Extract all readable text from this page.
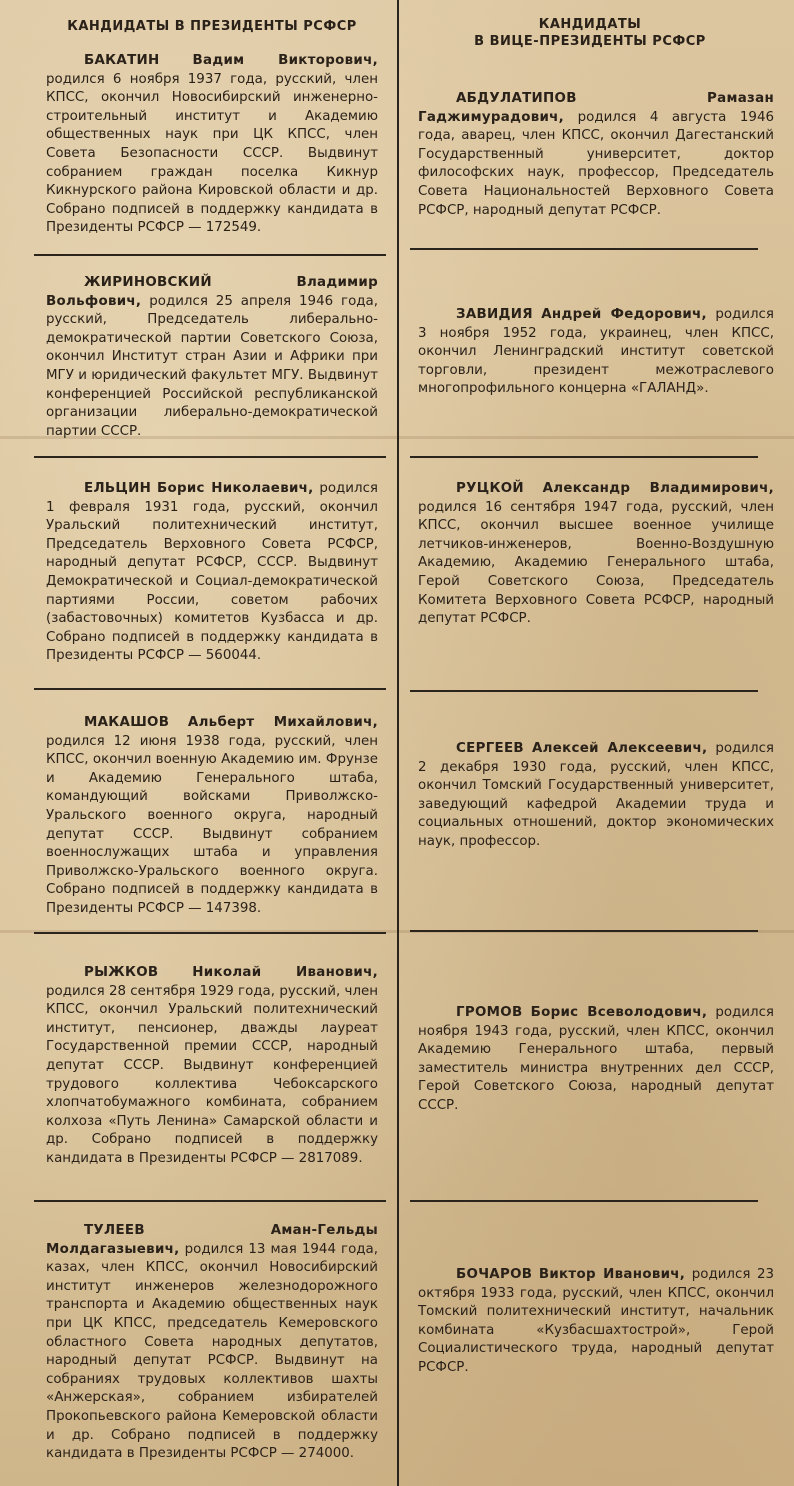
КАНДИДАТЫ В ПРЕЗИДЕНТЫ РСФСР

БАКАТИН Вадим Викторович, родился 6 ноября 1937 года, русский, член КПСС, окончил Новосибирский инженерно-строительный институт и Академию общественных наук при ЦК КПСС, член Совета Безопасности СССР. Выдвинут собранием граждан поселка Кикнур Кикнурского района Кировской области и др. Собрано подписей в поддержку кандидата в Президенты РСФСР — 172549.

ЖИРИНОВСКИЙ	Владимир Вольфович, родился 25 апреля 1946 года, русский, Председатель либерально-демократической партии Советского Союза, окончил Институт стран Азии и Африки при МГУ и юридический факультет МГУ. Выдвинут конференцией Российской республиканской организации либерально-демократической партии СССР.

ЕЛЬЦИН Борис Николаевич, родился 1 февраля 1931 года, русский, окончил Уральский политехнический институт, Председатель Верховного Совета РСФСР, народный депутат РСФСР, СССР. Выдвинут Демократической и Социал-демократической партиями России, советом рабочих (забастовочных) комитетов Кузбасса и др. Собрано подписей в поддержку кандидата в Президенты РСФСР — 560044.

МАКАШОВ Альберт Михайлович, родился 12 июня 1938 года, русский, член КПСС, окончил военную Академию им. Фрунзе и Академию Генерального штаба, командующий войсками Приволжско-Уральского военного округа, народный депутат СССР. Выдвинут собранием военнослужащих штаба и управления Приволжско-Уральского военного округа. Собрано подписей в поддержку кандидата в Президенты РСФСР — 147398.

РЫЖКОВ	Николай Иванович, родился 28 сентября 1929 года, русский, член КПСС, окончил Уральский политехнический институт, пенсионер, дважды лауреат Государственной премии СССР, народный депутат СССР. Выдвинут конференцией трудового коллектива Чебоксарского хлопчатобумажного комбината, собранием колхоза «Путь Ленина» Самарской области и др. Собрано подписей в поддержку кандидата в Президенты РСФСР — 2817089.

ТУЛЕЕВ	Аман-Гельды Молдагазыевич, родился 13 мая 1944 года, казах, член КПСС, окончил Новосибирский институт инженеров железнодорожного транспорта и Академию общественных наук при ЦК КПСС, председатель Кемеровского областного Совета народных депутатов, народный депутат РСФСР. Выдвинут на собраниях трудовых коллективов шахты «Анжерская», собранием избирателей Прокопьевского района Кемеровской области и др. Собрано подписей в поддержку кандидата в Президенты РСФСР — 274000.

КАНДИДАТЫ
В ВИЦЕ-ПРЕЗИДЕНТЫ РСФСР

АБДУЛАТИПОВ	Рамазан Гаджимурадович, родился 4 августа 1946 года, аварец, член КПСС, окончил Дагестанский Государственный университет, доктор философских наук, профессор, Председатель Совета Национальностей Верховного Совета РСФСР, народный депутат РСФСР.

ЗАВИДИЯ Андрей Федорович, родился 3 ноября 1952 года, украинец, член КПСС, окончил Ленинградский институт советской торговли, президент межотраслевого многопрофильного концерна «ГАЛАНД».

РУЦКОЙ Александр Владимирович, родился 16 сентября 1947 года, русский, член КПСС, окончил высшее военное училище летчиков-инженеров, Военно-Воздушную Академию, Академию Генерального штаба, Герой Советского Союза, Председатель Комитета Верховного Совета РСФСР, народный депутат РСФСР.

СЕРГЕЕВ Алексей Алексеевич, родился 2 декабря 1930 года, русский, член КПСС, окончил Томский Государственный университет, заведующий кафедрой Академии труда и социальных отношений, доктор экономических наук, профессор.

ГРОМОВ Борис Всеволодович, родился ноября 1943 года, русский, член КПСС, окончил Академию Генерального штаба, первый заместитель министра внутренних дел СССР, Герой Советского Союза, народный депутат СССР.

БОЧАРОВ Виктор Иванович, родился 23 октября 1933 года, русский, член КПСС, окончил Томский политехнический институт, начальник комбината «Кузбасшахтострой», Герой Социалистического труда, народный депутат РСФСР.
